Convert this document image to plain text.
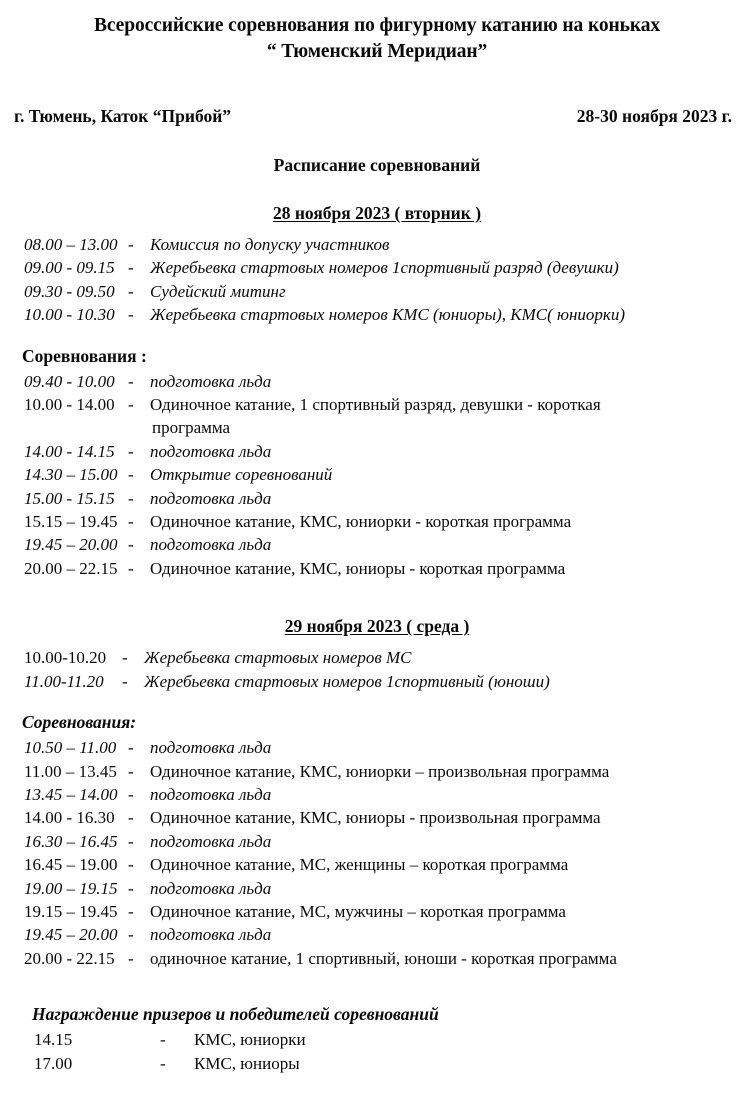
Всероссийские соревнования по фигурному катанию на коньках
“ Тюменский Меридиан”
г. Тюмень, Каток “Прибой”	28-30 ноября 2023 г.
Расписание соревнований
28 ноября 2023 ( вторник )
08.00 – 13.00 - Комиссия по допуску участников
09.00 - 09.15 - Жеребьевка стартовых номеров 1спортивный разряд (девушки)
09.30 - 09.50 - Судейский митинг
10.00 - 10.30 - Жеребьевка стартовых номеров КМС (юниоры), КМС( юниорки)
Соревнования :
09.40 - 10.00 - подготовка льда
10.00 - 14.00 - Одиночное катание, 1 спортивный разряд, девушки - короткая
программа
14.00 - 14.15 - подготовка льда
14.30 – 15.00 - Открытие соревнований
15.00 - 15.15 - подготовка льда
15.15 – 19.45 - Одиночное катание, КМС, юниорки - короткая программа
19.45 – 20.00 - подготовка льда
20.00 – 22.15 - Одиночное катание, КМС, юниоры - короткая программа
29 ноября 2023 ( среда )
10.00-10.20 - Жеребьевка стартовых номеров МС
11.00-11.20	- Жеребьевка стартовых номеров 1спортивный (юноши)
Соревнования:
10.50 – 11.00 - подготовка льда
11.00 – 13.45 - Одиночное катание, КМС, юниорки – произвольная программа
13.45 – 14.00 - подготовка льда
14.00 - 16.30 - Одиночное катание, КМС, юниоры - произвольная программа
16.30 – 16.45 - подготовка льда
16.45 – 19.00 - Одиночное катание, МС, женщины – короткая программа
19.00 – 19.15 - подготовка льда
19.15 – 19.45 - Одиночное катание, МС, мужчины – короткая программа
19.45 – 20.00 - подготовка льда
20.00 - 22.15 - одиночное катание, 1 спортивный, юноши - короткая программа
Награждение призеров и победителей соревнований
14.15	-	КМС, юниорки
17.00	-	КМС, юниоры
